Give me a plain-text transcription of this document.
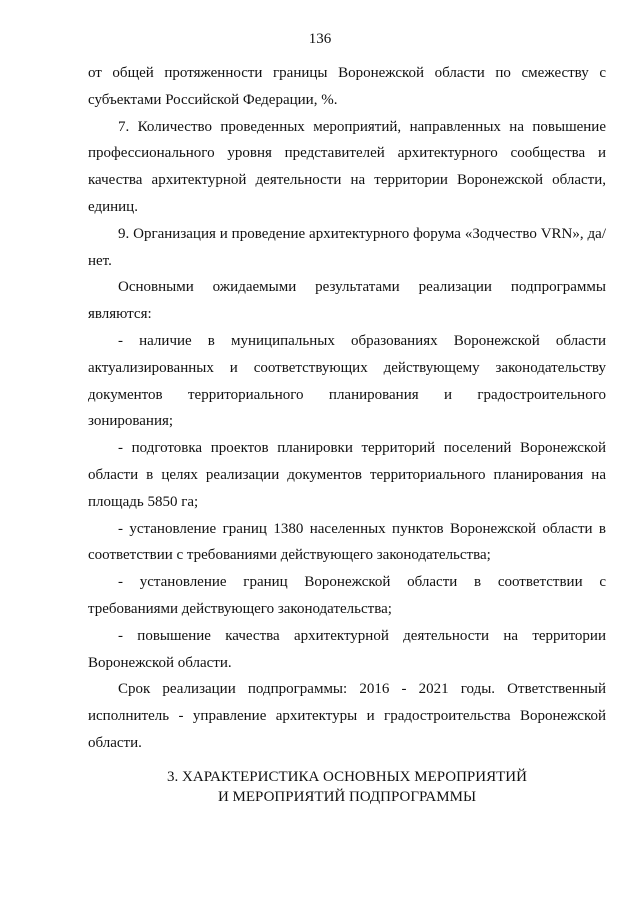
136

от общей протяженности границы Воронежской области по смежеству с субъектами Российской Федерации, %.

7. Количество проведенных мероприятий, направленных на повышение профессионального уровня представителей архитектурного сообщества и качества архитектурной деятельности на территории Воронежской области, единиц.

9. Организация и проведение архитектурного форума «Зодчество VRN», да/нет.

Основными ожидаемыми результатами реализации подпрограммы являются:

- наличие в муниципальных образованиях Воронежской области актуализированных и соответствующих действующему законодательству документов территориального планирования и градостроительного зонирования;

- подготовка проектов планировки территорий поселений Воронежской области в целях реализации документов территориального планирования на площадь 5850 га;

- установление границ 1380 населенных пунктов Воронежской области в соответствии с требованиями действующего законодательства;

- установление границ Воронежской области в соответствии с требованиями действующего законодательства;

- повышение качества архитектурной деятельности на территории Воронежской области.

Срок реализации подпрограммы: 2016 - 2021 годы. Ответственный исполнитель - управление архитектуры и градостроительства Воронежской области.

3. ХАРАКТЕРИСТИКА ОСНОВНЫХ МЕРОПРИЯТИЙ
И МЕРОПРИЯТИЙ ПОДПРОГРАММЫ
